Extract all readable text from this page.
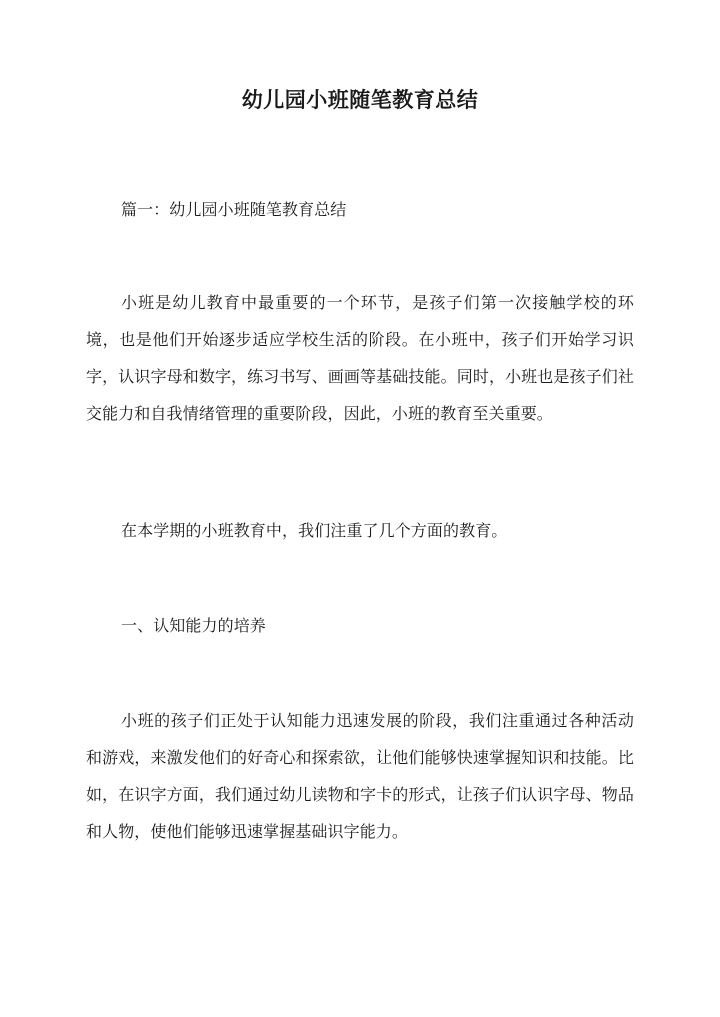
幼儿园小班随笔教育总结

篇一：幼儿园小班随笔教育总结

小班是幼儿教育中最重要的一个环节，是孩子们第一次接触学校的环境，也是他们开始逐步适应学校生活的阶段。在小班中，孩子们开始学习识字，认识字母和数字，练习书写、画画等基础技能。同时，小班也是孩子们社交能力和自我情绪管理的重要阶段，因此，小班的教育至关重要。

在本学期的小班教育中，我们注重了几个方面的教育。

一、认知能力的培养

小班的孩子们正处于认知能力迅速发展的阶段，我们注重通过各种活动和游戏，来激发他们的好奇心和探索欲，让他们能够快速掌握知识和技能。比如，在识字方面，我们通过幼儿读物和字卡的形式，让孩子们认识字母、物品和人物，使他们能够迅速掌握基础识字能力。
